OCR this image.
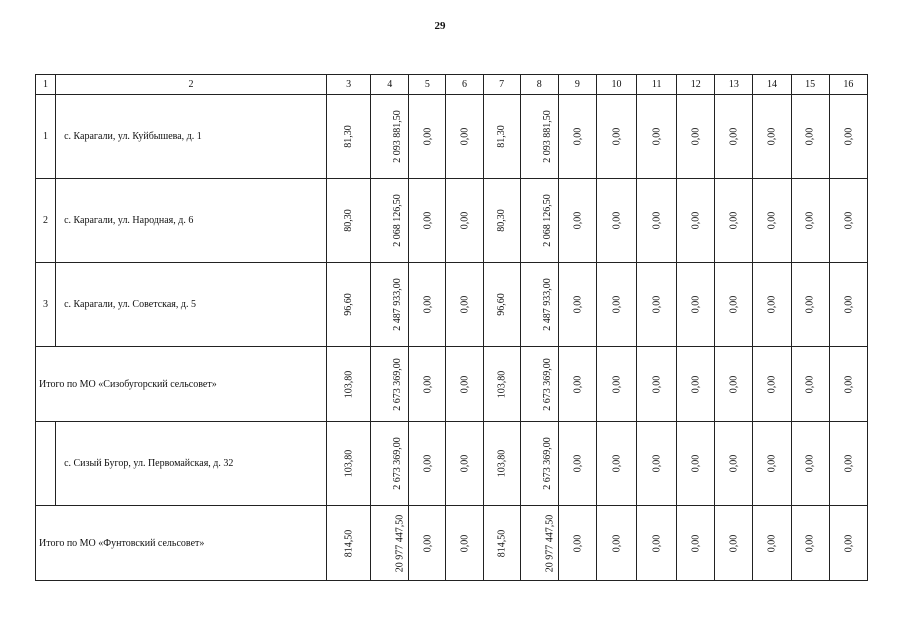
29
1	2	3	4	5	6	7	8	9	10	11	12	13	14	15	16
1	с. Карагали, ул. Куйбышева, д. 1	81,30	2 093 881,50	0,00	0,00	81,30	2 093 881,50	0,00	0,00	0,00	0,00	0,00	0,00	0,00	0,00
2	с. Карагали, ул. Народная, д. 6	80,30	2 068 126,50	0,00	0,00	80,30	2 068 126,50	0,00	0,00	0,00	0,00	0,00	0,00	0,00	0,00
3	с. Карагали, ул. Советская, д. 5	96,60	2 487 933,00	0,00	0,00	96,60	2 487 933,00	0,00	0,00	0,00	0,00	0,00	0,00	0,00	0,00
Итого по МО «Сизобугорский сельсовет»		103,80	2 673 369,00	0,00	0,00	103,80	2 673 369,00	0,00	0,00	0,00	0,00	0,00	0,00	0,00	0,00
	с. Сизый Бугор, ул. Первомайская, д. 32	103,80	2 673 369,00	0,00	0,00	103,80	2 673 369,00	0,00	0,00	0,00	0,00	0,00	0,00	0,00	0,00
Итого по МО «Фунтовский сельсовет»		814,50	20 977 447,50	0,00	0,00	814,50	20 977 447,50	0,00	0,00	0,00	0,00	0,00	0,00	0,00	0,00
